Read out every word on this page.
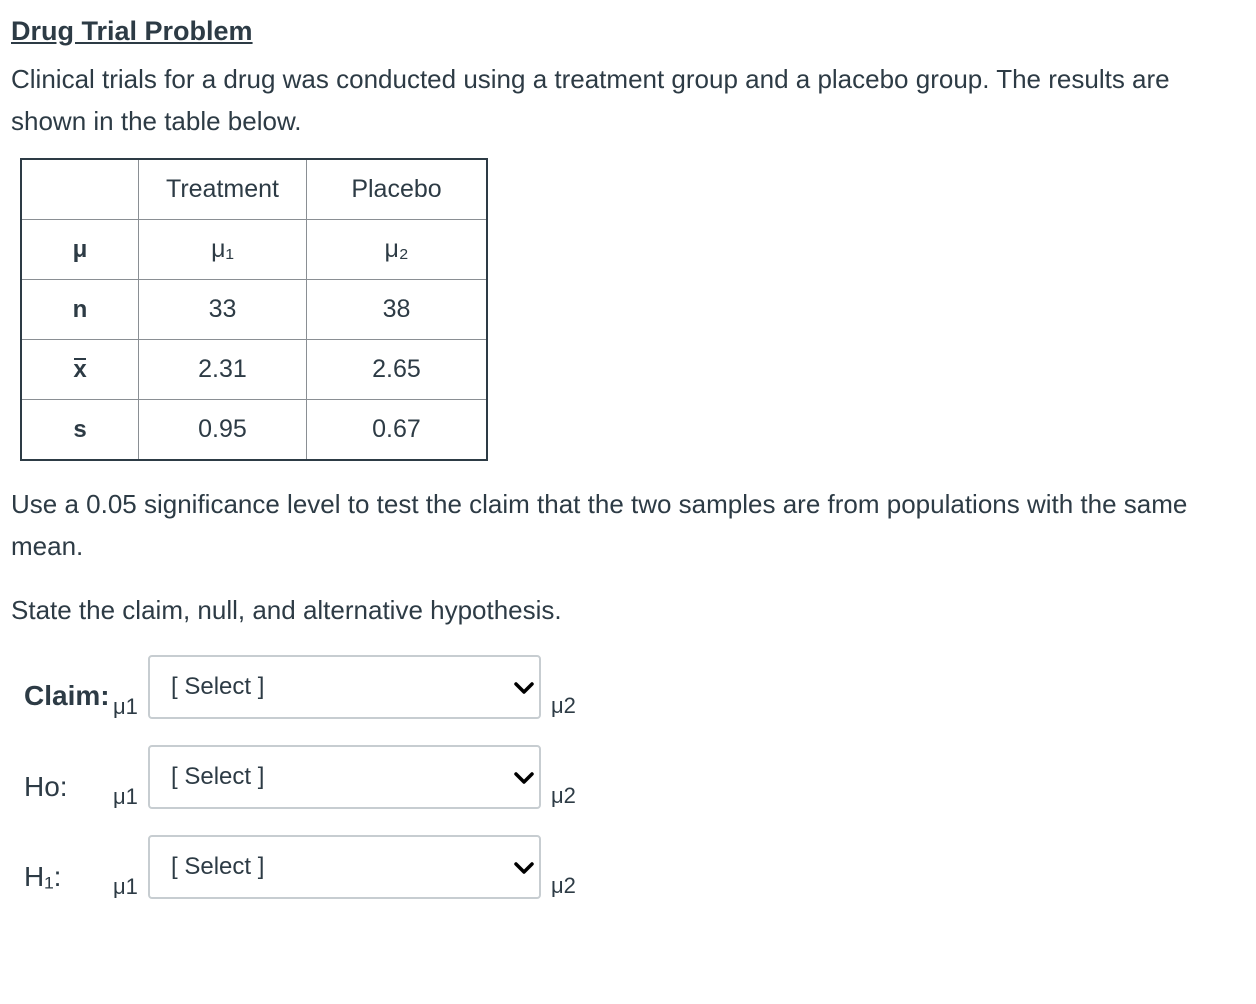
Drug Trial Problem
Clinical trials for a drug was conducted using a treatment group and a placebo group. The results are shown in the table below.
	Treatment	Placebo
μ	μ₁	μ₂
n	33	38
x	2.31	2.65
s	0.95	0.67
Use a 0.05 significance level to test the claim that the two samples are from populations with the same mean.
State the claim, null, and alternative hypothesis.
Claim: μ1
[ Select ]
μ2
Ho: μ1
[ Select ]
μ2
H₁: μ1
[ Select ]
μ2
